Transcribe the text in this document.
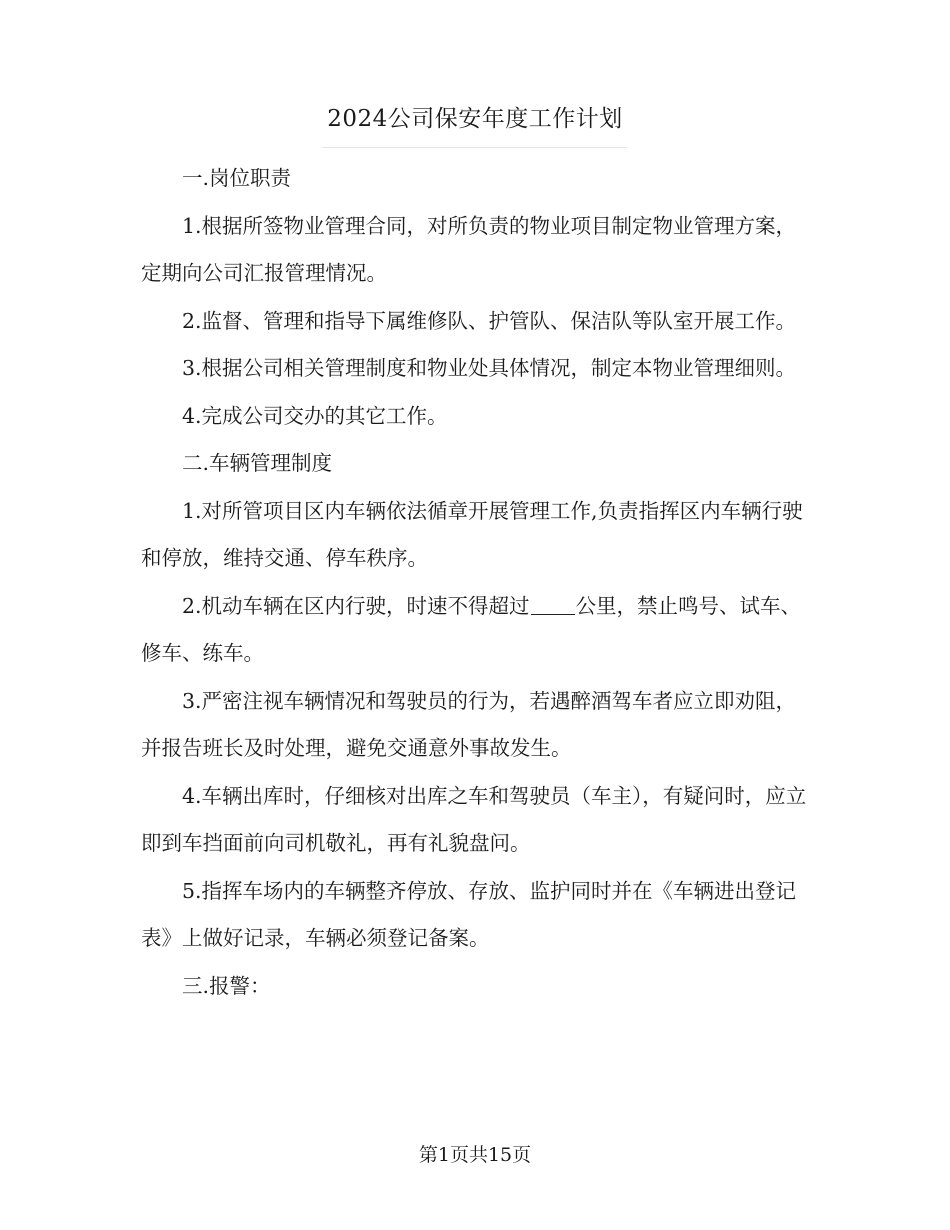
2024公司保安年度工作计划

一.岗位职责

1.根据所签物业管理合同，对所负责的物业项目制定物业管理方案，定期向公司汇报管理情况。

2.监督、管理和指导下属维修队、护管队、保洁队等队室开展工作。

3.根据公司相关管理制度和物业处具体情况，制定本物业管理细则。

4.完成公司交办的其它工作。

二.车辆管理制度

1.对所管项目区内车辆依法循章开展管理工作,负责指挥区内车辆行驶和停放，维持交通、停车秩序。

2.机动车辆在区内行驶，时速不得超过 公里，禁止鸣号、试车、修车、练车。

3.严密注视车辆情况和驾驶员的行为，若遇醉酒驾车者应立即劝阻，并报告班长及时处理，避免交通意外事故发生。

4.车辆出库时，仔细核对出库之车和驾驶员（车主），有疑问时，应立即到车挡面前向司机敬礼，再有礼貌盘问。

5.指挥车场内的车辆整齐停放、存放、监护同时并在《车辆进出登记表》上做好记录，车辆必须登记备案。

三.报警：

第1页共15页
